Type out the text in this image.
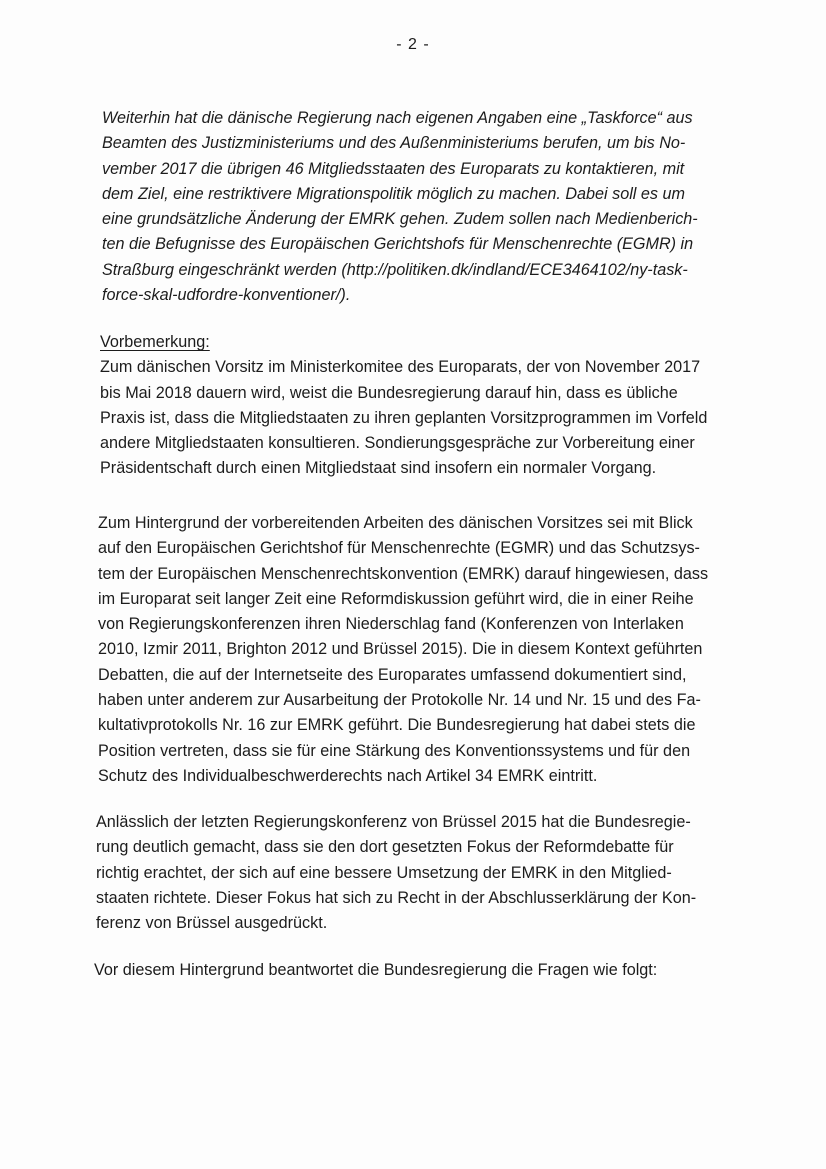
- 2 -
Weiterhin hat die dänische Regierung nach eigenen Angaben eine „Taskforce“ aus
Beamten des Justizministeriums und des Außenministeriums berufen, um bis No-
vember 2017 die übrigen 46 Mitgliedsstaaten des Europarats zu kontaktieren, mit
dem Ziel, eine restriktivere Migrationspolitik möglich zu machen. Dabei soll es um
eine grundsätzliche Änderung der EMRK gehen. Zudem sollen nach Medienberich-
ten die Befugnisse des Europäischen Gerichtshofs für Menschenrechte (EGMR) in
Straßburg eingeschränkt werden (http://politiken.dk/indland/ECE3464102/ny-task-
force-skal-udfordre-konventioner/).
Vorbemerkung:
Zum dänischen Vorsitz im Ministerkomitee des Europarats, der von November 2017
bis Mai 2018 dauern wird, weist die Bundesregierung darauf hin, dass es übliche
Praxis ist, dass die Mitgliedstaaten zu ihren geplanten Vorsitzprogrammen im Vorfeld
andere Mitgliedstaaten konsultieren. Sondierungsgespräche zur Vorbereitung einer
Präsidentschaft durch einen Mitgliedstaat sind insofern ein normaler Vorgang.
Zum Hintergrund der vorbereitenden Arbeiten des dänischen Vorsitzes sei mit Blick
auf den Europäischen Gerichtshof für Menschenrechte (EGMR) und das Schutzsys-
tem der Europäischen Menschenrechtskonvention (EMRK) darauf hingewiesen, dass
im Europarat seit langer Zeit eine Reformdiskussion geführt wird, die in einer Reihe
von Regierungskonferenzen ihren Niederschlag fand (Konferenzen von Interlaken
2010, Izmir 2011, Brighton 2012 und Brüssel 2015). Die in diesem Kontext geführten
Debatten, die auf der Internetseite des Europarates umfassend dokumentiert sind,
haben unter anderem zur Ausarbeitung der Protokolle Nr. 14 und Nr. 15 und des Fa-
kultativprotokolls Nr. 16 zur EMRK geführt. Die Bundesregierung hat dabei stets die
Position vertreten, dass sie für eine Stärkung des Konventionssystems und für den
Schutz des Individualbeschwerderechts nach Artikel 34 EMRK eintritt.
Anlässlich der letzten Regierungskonferenz von Brüssel 2015 hat die Bundesregie-
rung deutlich gemacht, dass sie den dort gesetzten Fokus der Reformdebatte für
richtig erachtet, der sich auf eine bessere Umsetzung der EMRK in den Mitglied-
staaten richtete. Dieser Fokus hat sich zu Recht in der Abschlusserklärung der Kon-
ferenz von Brüssel ausgedrückt.
Vor diesem Hintergrund beantwortet die Bundesregierung die Fragen wie folgt:
